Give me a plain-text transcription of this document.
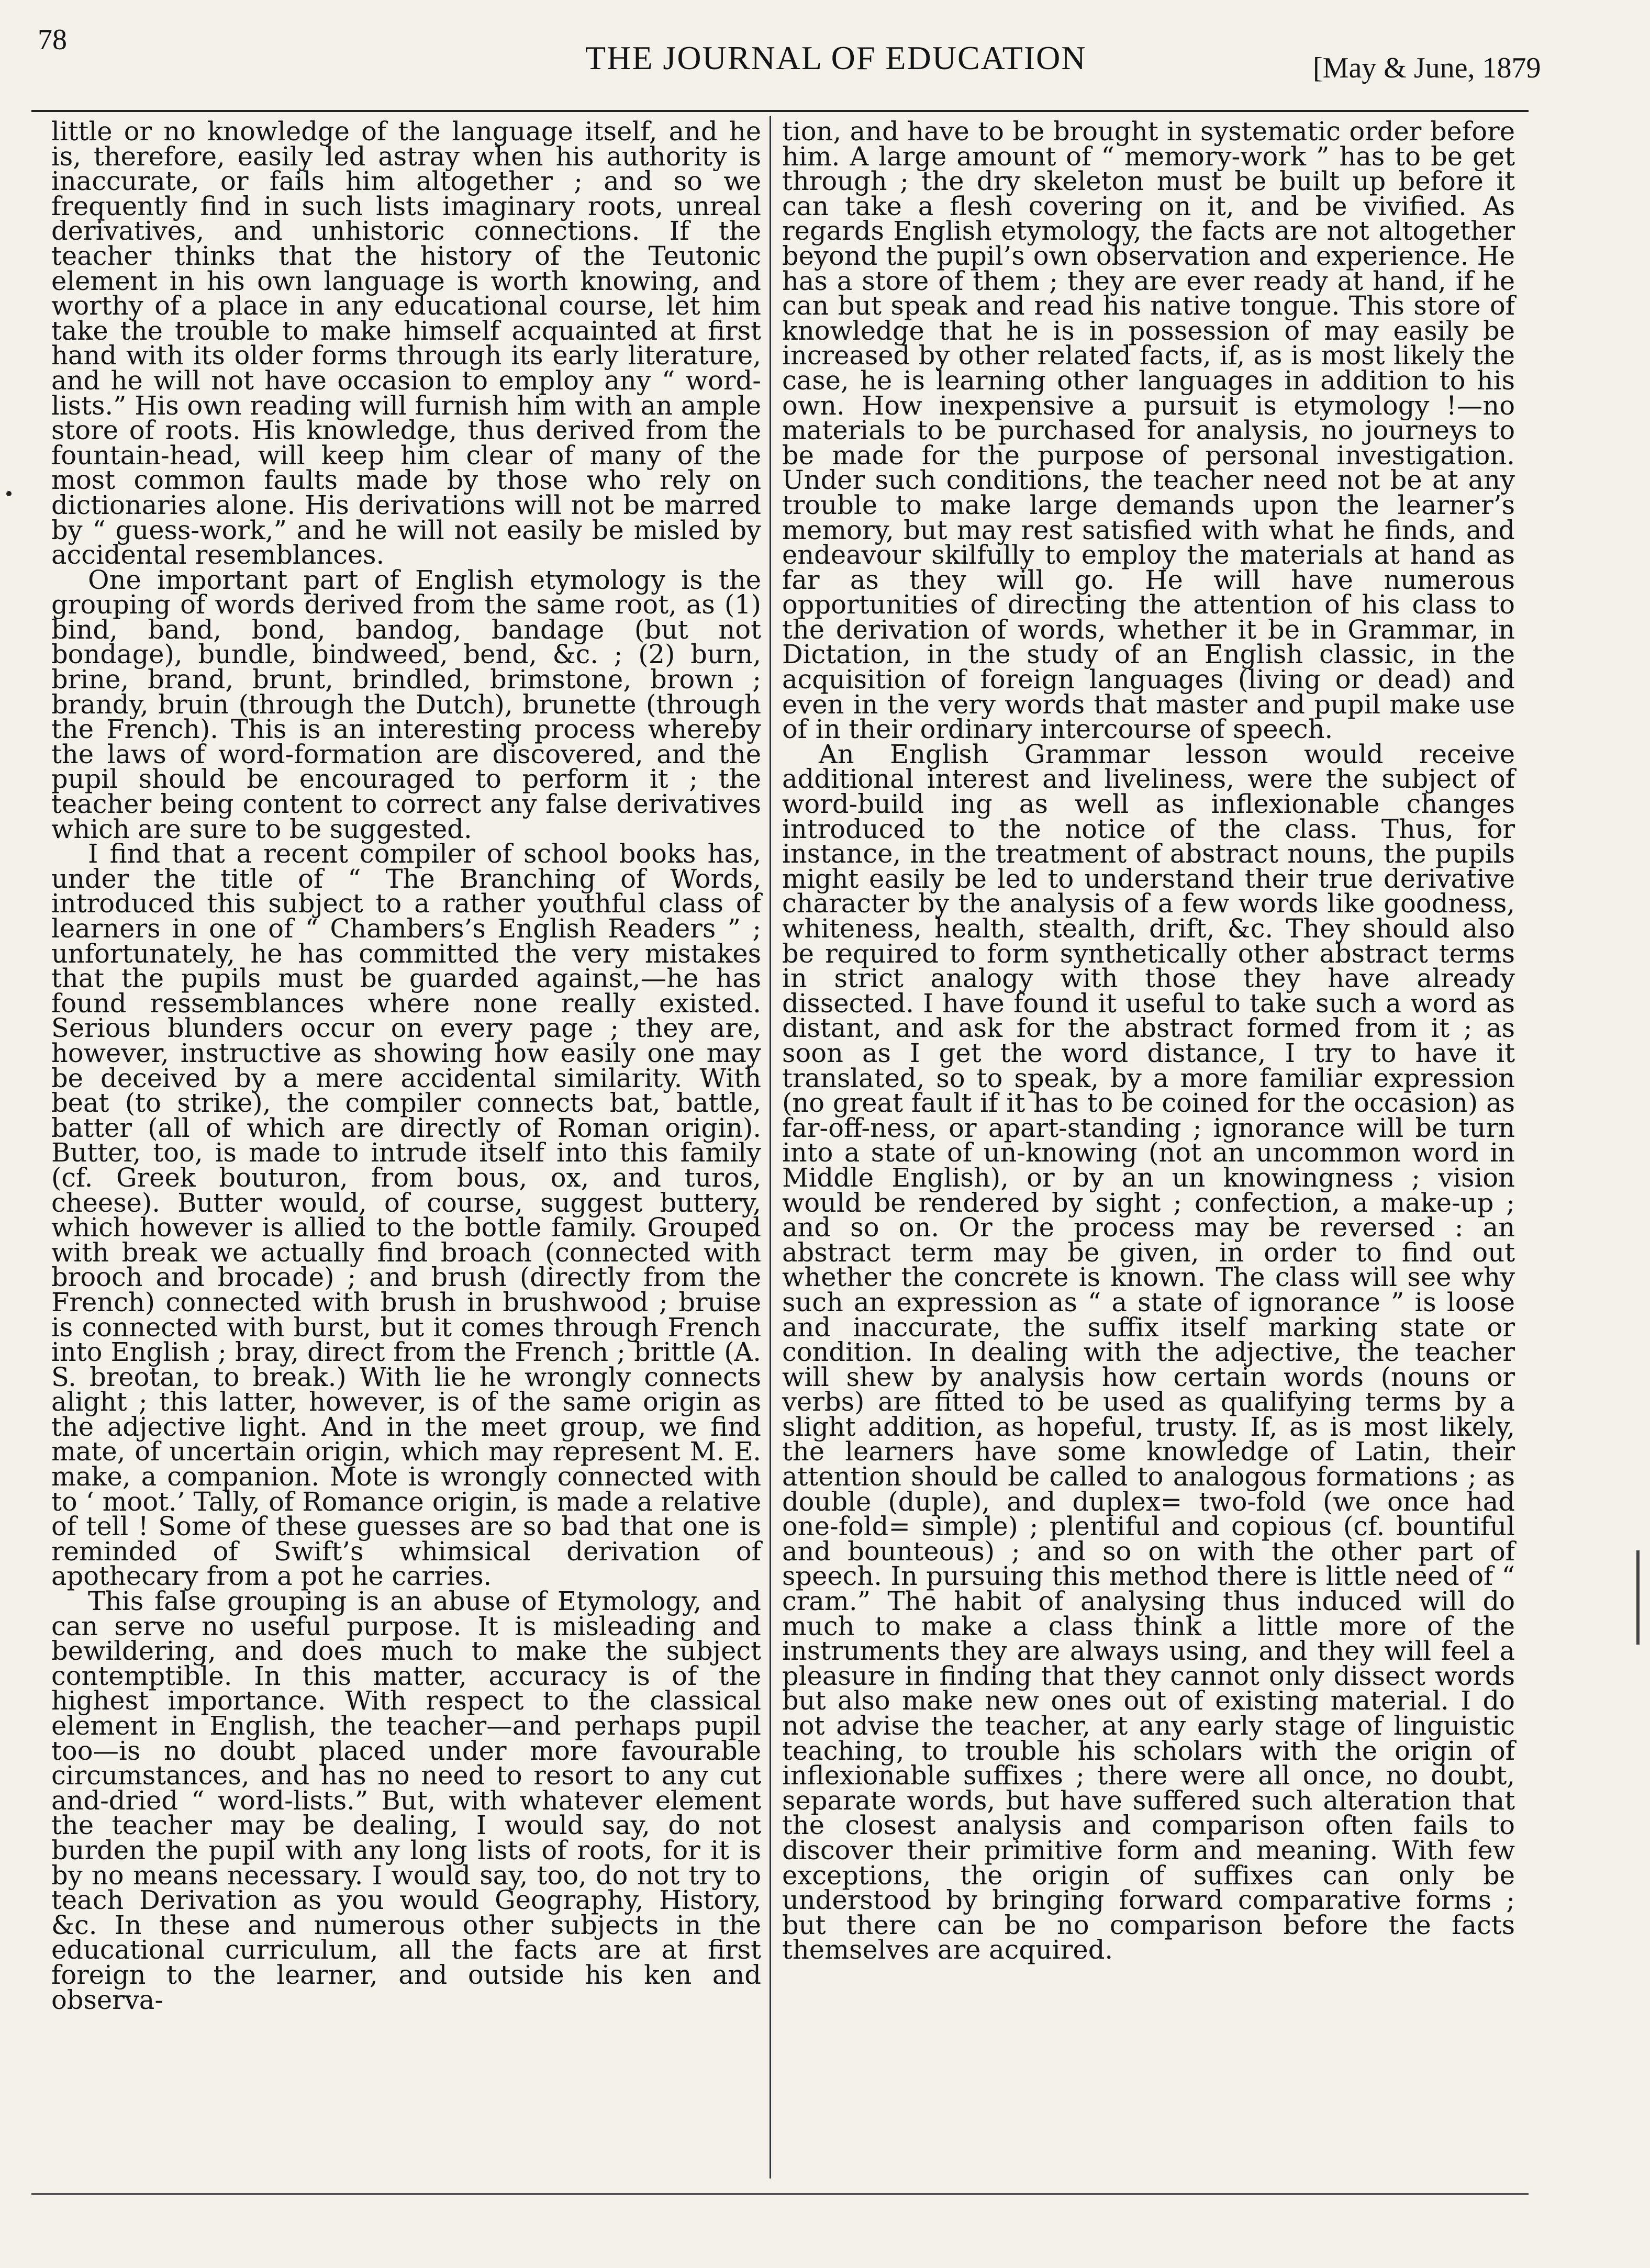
78	THE JOURNAL OF EDUCATION	[May & June, 1879

little or no knowledge of the language itself, and he is, therefore, easily led astray when his authority is inaccurate, or fails him altogether ; and so we frequently find in such lists imaginary roots, unreal derivatives, and unhistoric connections. If the teacher thinks that the history of the Teutonic element in his own language is worth knowing, and worthy of a place in any educational course, let him take the trouble to make himself acquainted at first hand with its older forms through its early literature, and he will not have occasion to employ any “ word-lists.” His own reading will furnish him with an ample store of roots. His knowledge, thus derived from the fountain-head, will keep him clear of many of the most common faults made by those who rely on dictionaries alone. His derivations will not be marred by “ guess-work,” and he will not easily be misled by accidental resemblances.

One important part of English etymology is the grouping of words derived from the same root, as (1) bind, band, bond, bandog, bandage (but not bondage), bundle, bindweed, bend, &c. ; (2) burn, brine, brand, brunt, brindled, brimstone, brown ; brandy, bruin (through the Dutch), brunette (through the French). This is an interesting process whereby the laws of word-formation are discovered, and the pupil should be encouraged to perform it ; the teacher being content to correct any false derivatives which are sure to be suggested.

I find that a recent compiler of school books has, under the title of “ The Branching of Words, introduced this subject to a rather youthful class of learners in one of “ Chambers’s English Readers ” ; unfortunately, he has committed the very mistakes that the pupils must be guarded against,—he has found ressemblances where none really existed. Serious blunders occur on every page ; they are, however, instructive as showing how easily one may be deceived by a mere accidental similarity. With beat (to strike), the compiler connects bat, battle, batter (all of which are directly of Roman origin). Butter, too, is made to intrude itself into this family (cf. Greek bouturon, from bous, ox, and turos, cheese). Butter would, of course, suggest buttery, which however is allied to the bottle family. Grouped with break we actually find broach (connected with brooch and brocade) ; and brush (directly from the French) connected with brush in brushwood ; bruise is connected with burst, but it comes through French into English ; bray, direct from the French ; brittle (A. S. breotan, to break.) With lie he wrongly connects alight ; this latter, however, is of the same origin as the adjective light. And in the meet group, we find mate, of uncertain origin, which may represent M. E. make, a companion. Mote is wrongly connected with to ‘ moot.’ Tally, of Romance origin, is made a relative of tell ! Some of these guesses are so bad that one is reminded of Swift’s whimsical derivation of apothecary from a pot he carries.

This false grouping is an abuse of Etymology, and can serve no useful purpose. It is misleading and bewildering, and does much to make the subject contemptible. In this matter, accuracy is of the highest importance. With respect to the classical element in English, the teacher—and perhaps pupil too—is no doubt placed under more favourable circumstances, and has no need to resort to any cut and-dried “ word-lists.” But, with whatever element the teacher may be dealing, I would say, do not burden the pupil with any long lists of roots, for it is by no means necessary. I would say, too, do not try to teach Derivation as you would Geography, History, &c. In these and numerous other subjects in the educational curriculum, all the facts are at first foreign to the learner, and outside his ken and observa-

tion, and have to be brought in systematic order before him. A large amount of “ memory-work ” has to be get through ; the dry skeleton must be built up before it can take a flesh covering on it, and be vivified. As regards English etymology, the facts are not altogether beyond the pupil’s own observation and experience. He has a store of them ; they are ever ready at hand, if he can but speak and read his native tongue. This store of knowledge that he is in possession of may easily be increased by other related facts, if, as is most likely the case, he is learning other languages in addition to his own. How inexpensive a pursuit is etymology !—no materials to be purchased for analysis, no journeys to be made for the purpose of personal investigation. Under such conditions, the teacher need not be at any trouble to make large demands upon the learner’s memory, but may rest satisfied with what he finds, and endeavour skilfully to employ the materials at hand as far as they will go. He will have numerous opportunities of directing the attention of his class to the derivation of words, whether it be in Grammar, in Dictation, in the study of an English classic, in the acquisition of foreign languages (living or dead) and even in the very words that master and pupil make use of in their ordinary intercourse of speech.

An English Grammar lesson would receive additional interest and liveliness, were the subject of word-build ing as well as inflexionable changes introduced to the notice of the class. Thus, for instance, in the treatment of abstract nouns, the pupils might easily be led to understand their true derivative character by the analysis of a few words like goodness, whiteness, health, stealth, drift, &c. They should also be required to form synthetically other abstract terms in strict analogy with those they have already dissected. I have found it useful to take such a word as distant, and ask for the abstract formed from it ; as soon as I get the word distance, I try to have it translated, so to speak, by a more familiar expression (no great fault if it has to be coined for the occasion) as far-off-ness, or apart-standing ; ignorance will be turn into a state of un-knowing (not an uncommon word in Middle English), or by an un knowingness ; vision would be rendered by sight ; confection, a make-up ; and so on. Or the process may be reversed : an abstract term may be given, in order to find out whether the concrete is known. The class will see why such an expression as “ a state of ignorance ” is loose and inaccurate, the suffix itself marking state or condition. In dealing with the adjective, the teacher will shew by analysis how certain words (nouns or verbs) are fitted to be used as qualifying terms by a slight addition, as hopeful, trusty. If, as is most likely, the learners have some knowledge of Latin, their attention should be called to analogous formations ; as double (duple), and duplex= two-fold (we once had one-fold= simple) ; plentiful and copious (cf. bountiful and bounteous) ; and so on with the other part of speech. In pursuing this method there is little need of “ cram.” The habit of analysing thus induced will do much to make a class think a little more of the instruments they are always using, and they will feel a pleasure in finding that they cannot only dissect words but also make new ones out of existing material. I do not advise the teacher, at any early stage of linguistic teaching, to trouble his scholars with the origin of inflexionable suffixes ; there were all once, no doubt, separate words, but have suffered such alteration that the closest analysis and comparison often fails to discover their primitive form and meaning. With few exceptions, the origin of suffixes can only be understood by bringing forward comparative forms ; but there can be no comparison before the facts themselves are acquired.
